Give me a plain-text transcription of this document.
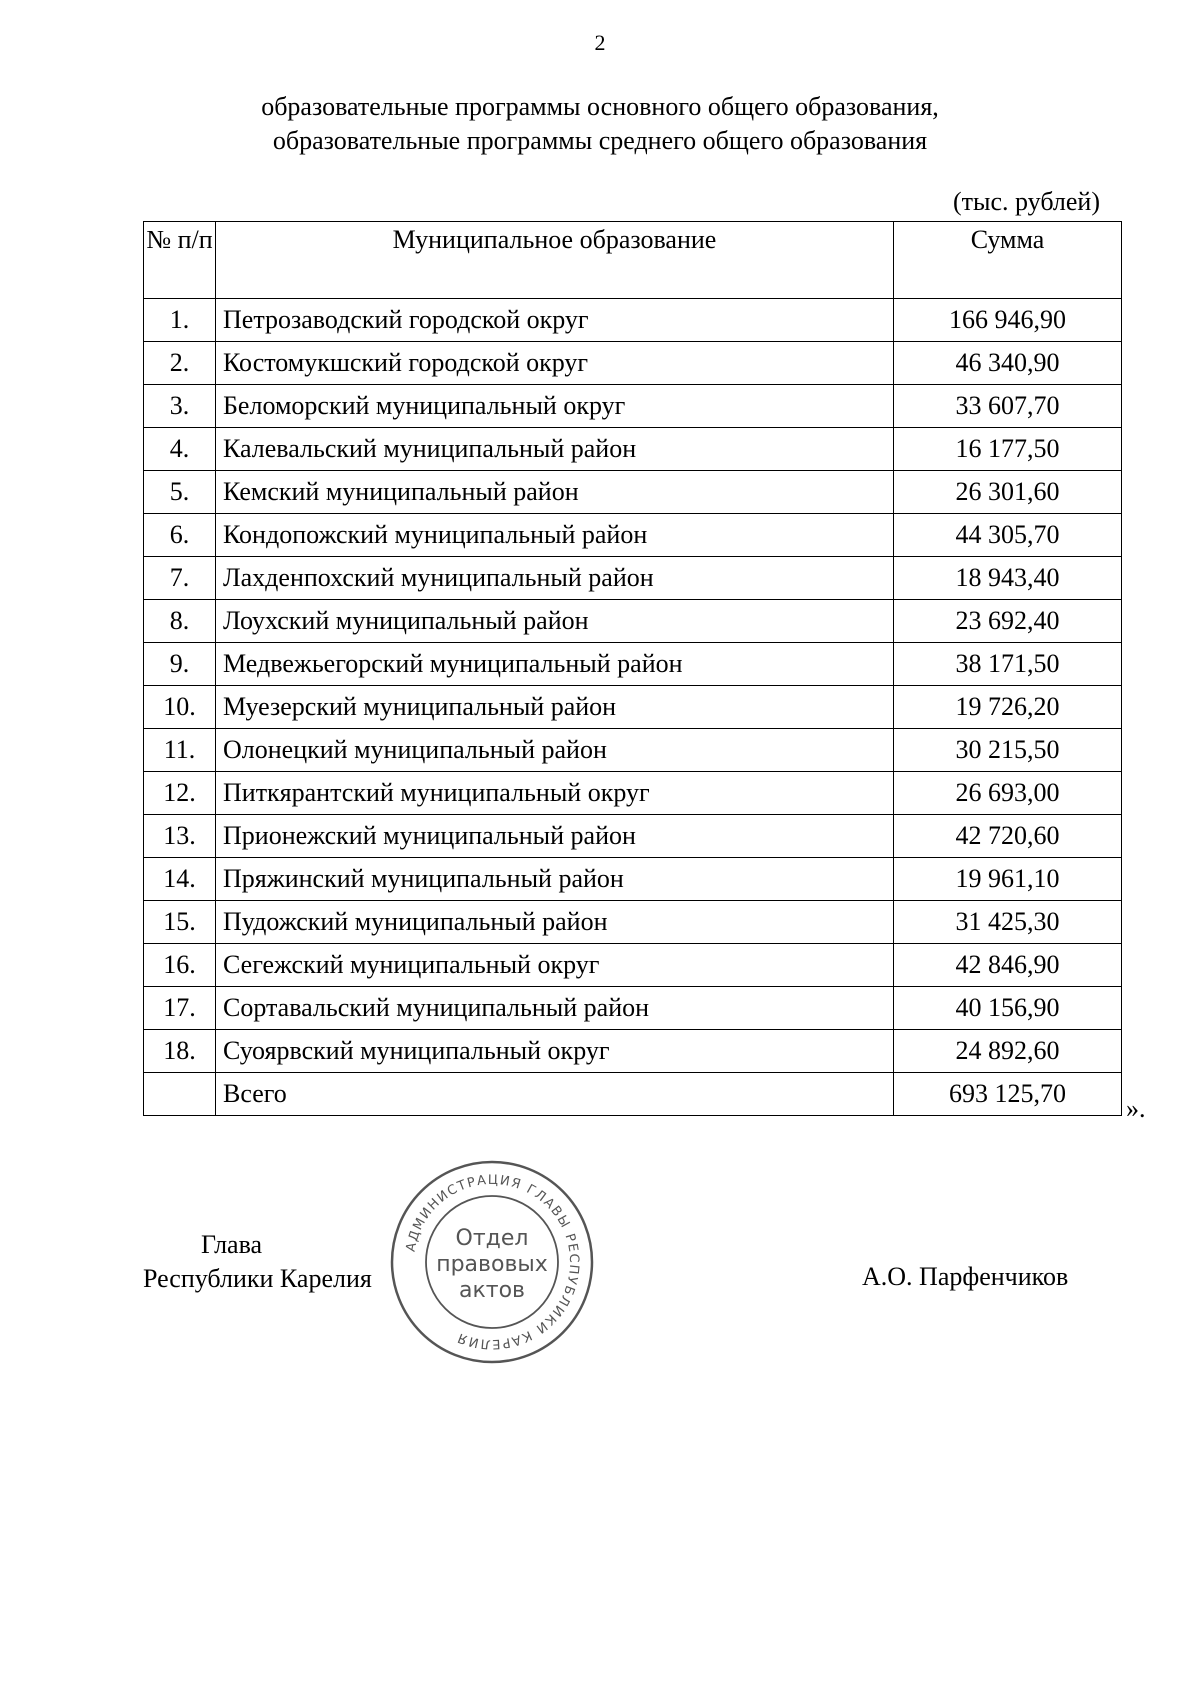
2
образовательные программы основного общего образования,
образовательные программы среднего общего образования
(тыс. рублей)
№ п/п	Муниципальное образование	Сумма
1.	Петрозаводский городской округ	166 946,90
2.	Костомукшский городской округ	46 340,90
3.	Беломорский муниципальный округ	33 607,70
4.	Калевальский муниципальный район	16 177,50
5.	Кемский муниципальный район	26 301,60
6.	Кондопожский муниципальный район	44 305,70
7.	Лахденпохский муниципальный район	18 943,40
8.	Лоухский муниципальный район	23 692,40
9.	Медвежьегорский муниципальный район	38 171,50
10.	Муезерский муниципальный район	19 726,20
11.	Олонецкий муниципальный район	30 215,50
12.	Питкярантский муниципальный округ	26 693,00
13.	Прионежский муниципальный район	42 720,60
14.	Пряжинский муниципальный район	19 961,10
15.	Пудожский муниципальный район	31 425,30
16.	Сегежский муниципальный округ	42 846,90
17.	Сортавальский муниципальный район	40 156,90
18.	Суоярвский муниципальный округ	24 892,60
	Всего	693 125,70
».
Глава
Республики Карелия	А.О. Парфенчиков
АДМИНИСТРАЦИЯ ГЛАВЫ РЕСПУБЛИКИ КАРЕЛИЯ
Отдел
правовых
актов
